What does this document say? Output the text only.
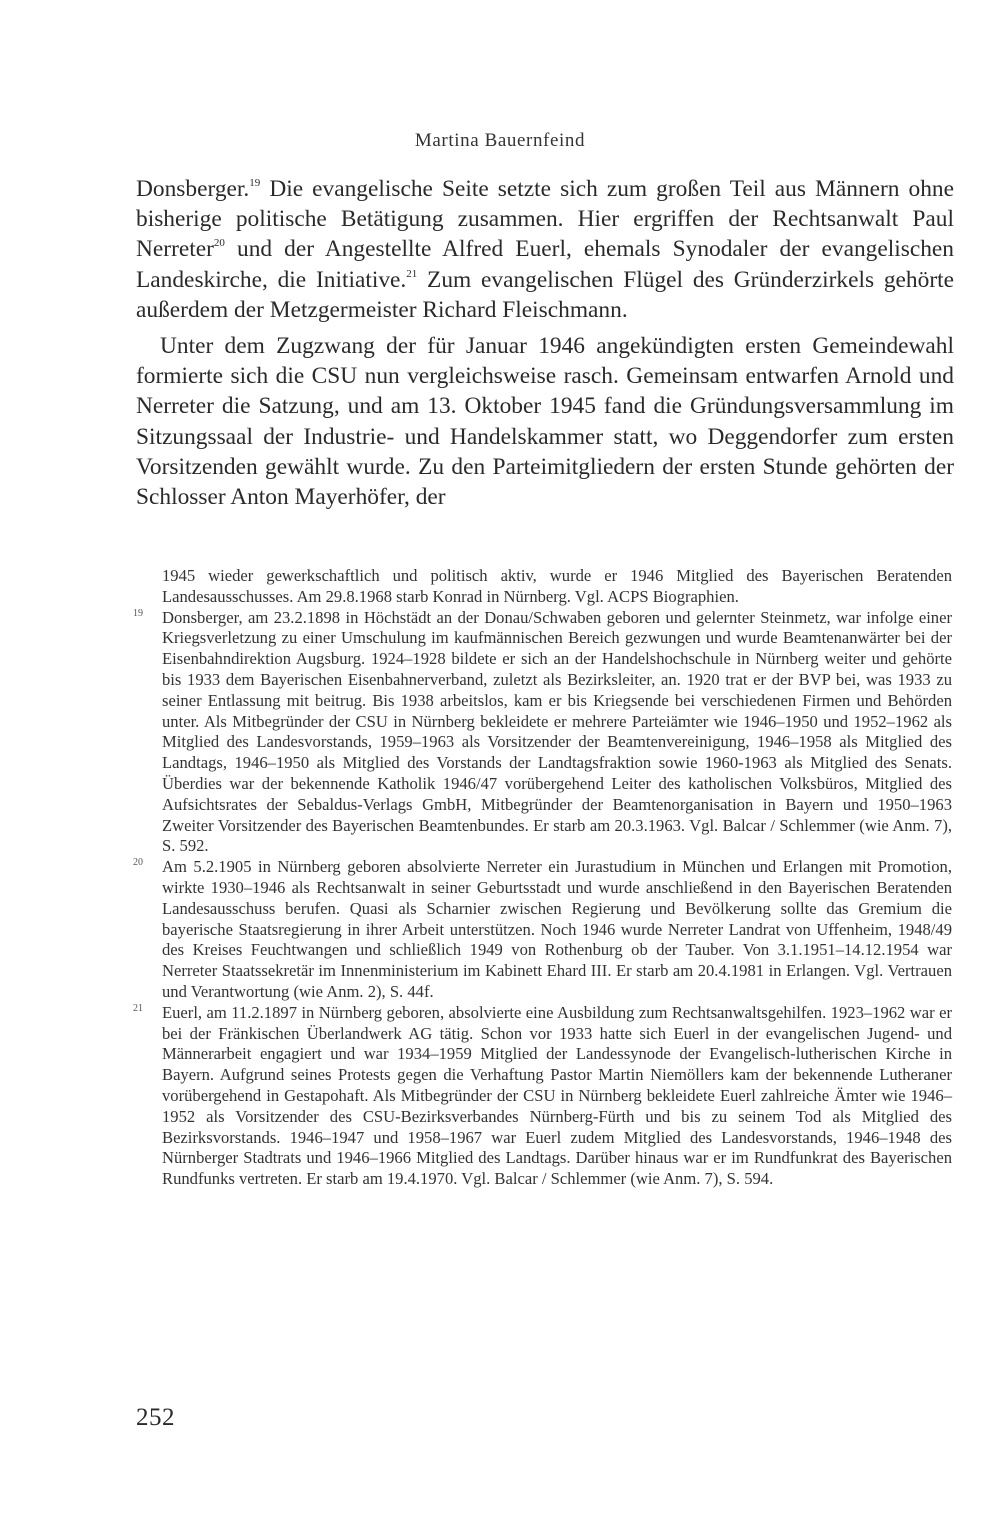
Martina Bauernfeind

Donsberger.$^{19}$ Die evangelische Seite setzte sich zum großen Teil aus Männern ohne bisherige politische Betätigung zusammen. Hier ergriffen der Rechtsanwalt Paul Nerreter$^{20}$ und der Angestellte Alfred Euerl, ehemals Synodaler der evangelischen Landeskirche, die Initiative.$^{21}$ Zum evangelischen Flügel des Gründerzirkels gehörte außerdem der Metzgermeister Richard Fleischmann.

Unter dem Zugzwang der für Januar 1946 angekündigten ersten Gemeindewahl formierte sich die CSU nun vergleichsweise rasch. Gemeinsam entwarfen Arnold und Nerreter die Satzung, und am 13. Oktober 1945 fand die Gründungsversammlung im Sitzungssaal der Industrie- und Handelskammer statt, wo Deggendorfer zum ersten Vorsitzenden gewählt wurde. Zu den Parteimitgliedern der ersten Stunde gehörten der Schlosser Anton Mayerhöfer, der

1945 wieder gewerkschaftlich und politisch aktiv, wurde er 1946 Mitglied des Bayerischen Beratenden Landesausschusses. Am 29.8.1968 starb Konrad in Nürnberg. Vgl. ACPS Biographien.

19 Donsberger, am 23.2.1898 in Höchstädt an der Donau/Schwaben geboren und gelernter Steinmetz, war infolge einer Kriegsverletzung zu einer Umschulung im kaufmännischen Bereich gezwungen und wurde Beamtenanwärter bei der Eisenbahndirektion Augsburg. 1924–1928 bildete er sich an der Handelshochschule in Nürnberg weiter und gehörte bis 1933 dem Bayerischen Eisenbahnerverband, zuletzt als Bezirksleiter, an. 1920 trat er der BVP bei, was 1933 zu seiner Entlassung mit beitrug. Bis 1938 arbeitslos, kam er bis Kriegsende bei verschiedenen Firmen und Behörden unter. Als Mitbegründer der CSU in Nürnberg bekleidete er mehrere Parteiämter wie 1946–1950 und 1952–1962 als Mitglied des Landesvorstands, 1959–1963 als Vorsitzender der Beamtenvereinigung, 1946–1958 als Mitglied des Landtags, 1946–1950 als Mitglied des Vorstands der Landtagsfraktion sowie 1960-1963 als Mitglied des Senats. Überdies war der bekennende Katholik 1946/47 vorübergehend Leiter des katholischen Volksbüros, Mitglied des Aufsichtsrates der Sebaldus-Verlags GmbH, Mitbegründer der Beamtenorganisation in Bayern und 1950–1963 Zweiter Vorsitzender des Bayerischen Beamtenbundes. Er starb am 20.3.1963. Vgl. Balcar / Schlemmer (wie Anm. 7), S. 592.

20 Am 5.2.1905 in Nürnberg geboren absolvierte Nerreter ein Jurastudium in München und Erlangen mit Promotion, wirkte 1930–1946 als Rechtsanwalt in seiner Geburtsstadt und wurde anschließend in den Bayerischen Beratenden Landesausschuss berufen. Quasi als Scharnier zwischen Regierung und Bevölkerung sollte das Gremium die bayerische Staatsregierung in ihrer Arbeit unterstützen. Noch 1946 wurde Nerreter Landrat von Uffenheim, 1948/49 des Kreises Feuchtwangen und schließlich 1949 von Rothenburg ob der Tauber. Von 3.1.1951–14.12.1954 war Nerreter Staatssekretär im Innenministerium im Kabinett Ehard III. Er starb am 20.4.1981 in Erlangen. Vgl. Vertrauen und Verantwortung (wie Anm. 2), S. 44f.

21 Euerl, am 11.2.1897 in Nürnberg geboren, absolvierte eine Ausbildung zum Rechtsanwaltsgehilfen. 1923–1962 war er bei der Fränkischen Überlandwerk AG tätig. Schon vor 1933 hatte sich Euerl in der evangelischen Jugend- und Männerarbeit engagiert und war 1934–1959 Mitglied der Landessynode der Evangelisch-lutherischen Kirche in Bayern. Aufgrund seines Protests gegen die Verhaftung Pastor Martin Niemöllers kam der bekennende Lutheraner vorübergehend in Gestapohaft. Als Mitbegründer der CSU in Nürnberg bekleidete Euerl zahlreiche Ämter wie 1946–1952 als Vorsitzender des CSU-Bezirksverbandes Nürnberg-Fürth und bis zu seinem Tod als Mitglied des Bezirksvorstands. 1946–1947 und 1958–1967 war Euerl zudem Mitglied des Landesvorstands, 1946–1948 des Nürnberger Stadtrats und 1946–1966 Mitglied des Landtags. Darüber hinaus war er im Rundfunkrat des Bayerischen Rundfunks vertreten. Er starb am 19.4.1970. Vgl. Balcar / Schlemmer (wie Anm. 7), S. 594.

252
